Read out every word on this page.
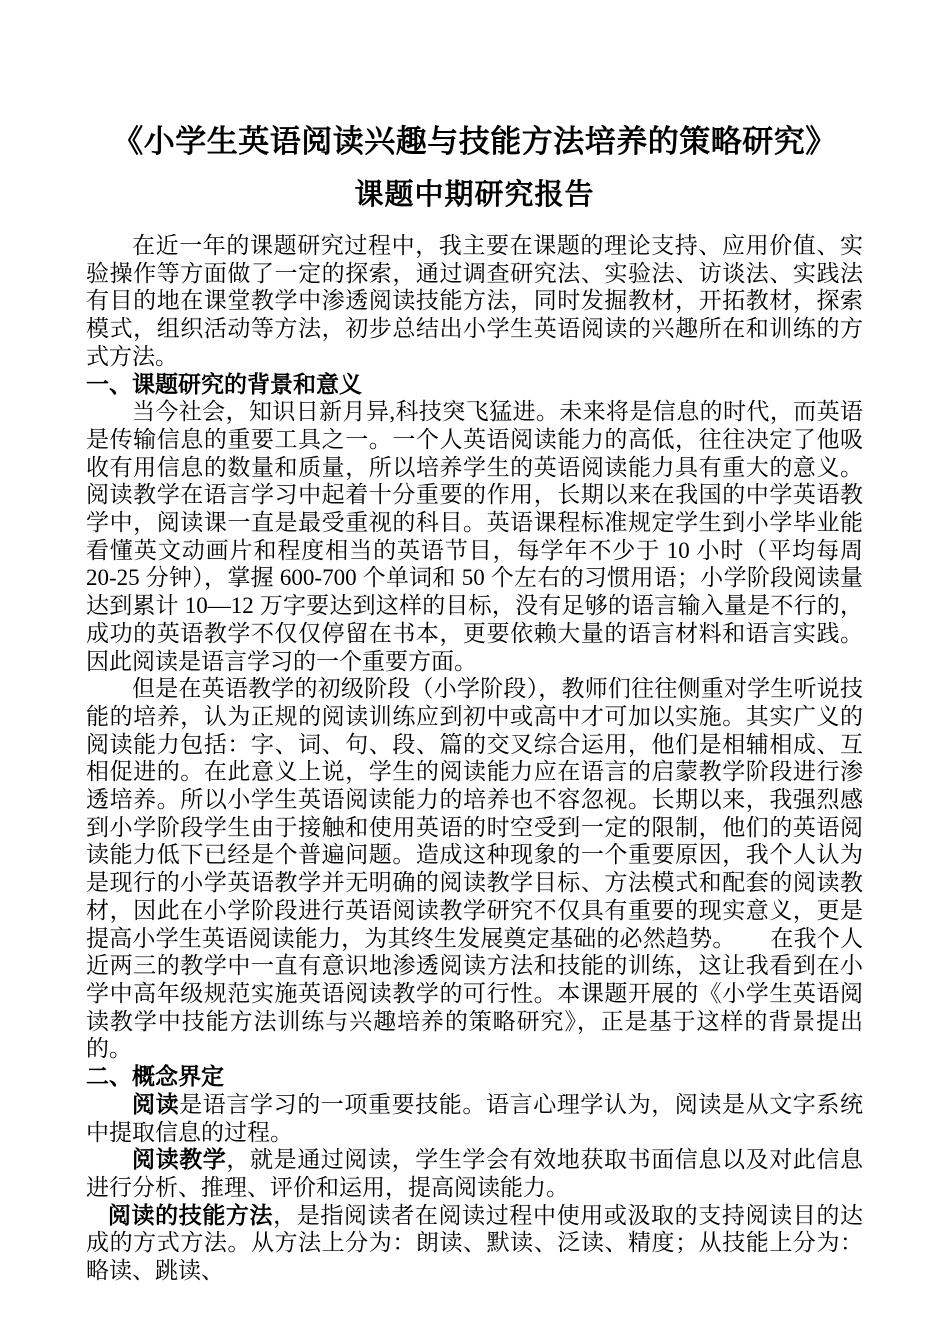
《小学生英语阅读兴趣与技能方法培养的策略研究》
课题中期研究报告

在近一年的课题研究过程中，我主要在课题的理论支持、应用价值、实验操作等方面做了一定的探索，通过调查研究法、实验法、访谈法、实践法有目的地在课堂教学中渗透阅读技能方法，同时发掘教材，开拓教材，探索模式，组织活动等方法，初步总结出小学生英语阅读的兴趣所在和训练的方式方法。

一、课题研究的背景和意义

当今社会，知识日新月异,科技突飞猛进。未来将是信息的时代，而英语是传输信息的重要工具之一。一个人英语阅读能力的高低，往往决定了他吸收有用信息的数量和质量，所以培养学生的英语阅读能力具有重大的意义。阅读教学在语言学习中起着十分重要的作用，长期以来在我国的中学英语教学中，阅读课一直是最受重视的科目。英语课程标准规定学生到小学毕业能看懂英文动画片和程度相当的英语节目，每学年不少于 10 小时（平均每周 20-25 分钟），掌握 600-700 个单词和 50 个左右的习惯用语；小学阶段阅读量达到累计 10—12 万字要达到这样的目标，没有足够的语言输入量是不行的，成功的英语教学不仅仅停留在书本，更要依赖大量的语言材料和语言实践。因此阅读是语言学习的一个重要方面。

但是在英语教学的初级阶段（小学阶段），教师们往往侧重对学生听说技能的培养，认为正规的阅读训练应到初中或高中才可加以实施。其实广义的阅读能力包括：字、词、句、段、篇的交叉综合运用，他们是相辅相成、互相促进的。在此意义上说，学生的阅读能力应在语言的启蒙教学阶段进行渗透培养。所以小学生英语阅读能力的培养也不容忽视。长期以来，我强烈感到小学阶段学生由于接触和使用英语的时空受到一定的限制，他们的英语阅读能力低下已经是个普遍问题。造成这种现象的一个重要原因，我个人认为是现行的小学英语教学并无明确的阅读教学目标、方法模式和配套的阅读教材，因此在小学阶段进行英语阅读教学研究不仅具有重要的现实意义，更是提高小学生英语阅读能力，为其终生发展奠定基础的必然趋势。　　在我个人近两三的教学中一直有意识地渗透阅读方法和技能的训练，这让我看到在小学中高年级规范实施英语阅读教学的可行性。本课题开展的《小学生英语阅读教学中技能方法训练与兴趣培养的策略研究》，正是基于这样的背景提出的。

二、概念界定

阅读是语言学习的一项重要技能。语言心理学认为，阅读是从文字系统中提取信息的过程。

阅读教学，就是通过阅读，学生学会有效地获取书面信息以及对此信息进行分析、推理、评价和运用，提高阅读能力。

阅读的技能方法，是指阅读者在阅读过程中使用或汲取的支持阅读目的达成的方式方法。从方法上分为：朗读、默读、泛读、精度；从技能上分为：略读、跳读、
